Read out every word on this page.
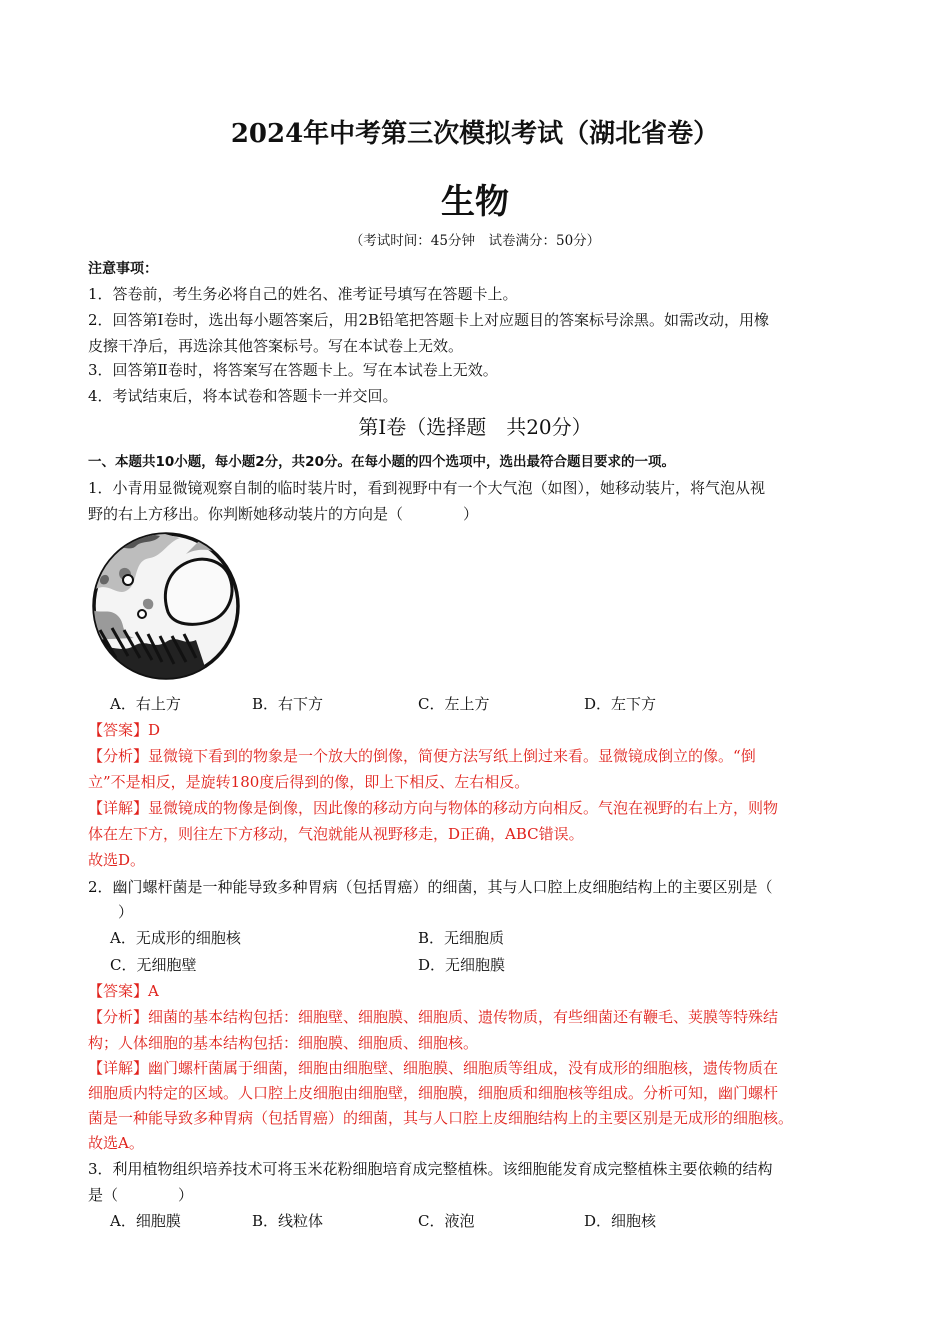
2024年中考第三次模拟考试（湖北省卷）
生物
（考试时间：45分钟　试卷满分：50分）
注意事项：
1．答卷前，考生务必将自己的姓名、准考证号填写在答题卡上。
2．回答第Ⅰ卷时，选出每小题答案后，用2B铅笔把答题卡上对应题目的答案标号涂黑。如需改动，用橡
皮擦干净后，再选涂其他答案标号。写在本试卷上无效。
3．回答第Ⅱ卷时，将答案写在答题卡上。写在本试卷上无效。
4．考试结束后，将本试卷和答题卡一并交回。
第Ⅰ卷（选择题　共20分）
一、本题共10小题，每小题2分，共20分。在每小题的四个选项中，选出最符合题目要求的一项。
1．小青用显微镜观察自制的临时装片时，看到视野中有一个大气泡（如图），她移动装片，将气泡从视
野的右上方移出。你判断她移动装片的方向是（　　　　）
A．右上方	B．右下方	C．左上方	D．左下方
【答案】D
【分析】显微镜下看到的物象是一个放大的倒像，简便方法写纸上倒过来看。显微镜成倒立的像。“倒
立”不是相反，是旋转180度后得到的像，即上下相反、左右相反。
【详解】显微镜成的物像是倒像，因此像的移动方向与物体的移动方向相反。气泡在视野的右上方，则物
体在左下方，则往左下方移动，气泡就能从视野移走，D正确，ABC错误。
故选D。
2．幽门螺杆菌是一种能导致多种胃病（包括胃癌）的细菌，其与人口腔上皮细胞结构上的主要区别是（
　　）
A．无成形的细胞核	B．无细胞质
C．无细胞壁	D．无细胞膜
【答案】A
【分析】细菌的基本结构包括：细胞壁、细胞膜、细胞质、遗传物质，有些细菌还有鞭毛、荚膜等特殊结
构；人体细胞的基本结构包括：细胞膜、细胞质、细胞核。
【详解】幽门螺杆菌属于细菌，细胞由细胞壁、细胞膜、细胞质等组成，没有成形的细胞核，遗传物质在
细胞质内特定的区域。人口腔上皮细胞由细胞壁，细胞膜，细胞质和细胞核等组成。分析可知，幽门螺杆
菌是一种能导致多种胃病（包括胃癌）的细菌，其与人口腔上皮细胞结构上的主要区别是无成形的细胞核。
故选A。
3．利用植物组织培养技术可将玉米花粉细胞培育成完整植株。该细胞能发育成完整植株主要依赖的结构
是（　　　　）
A．细胞膜	B．线粒体	C．液泡	D．细胞核
